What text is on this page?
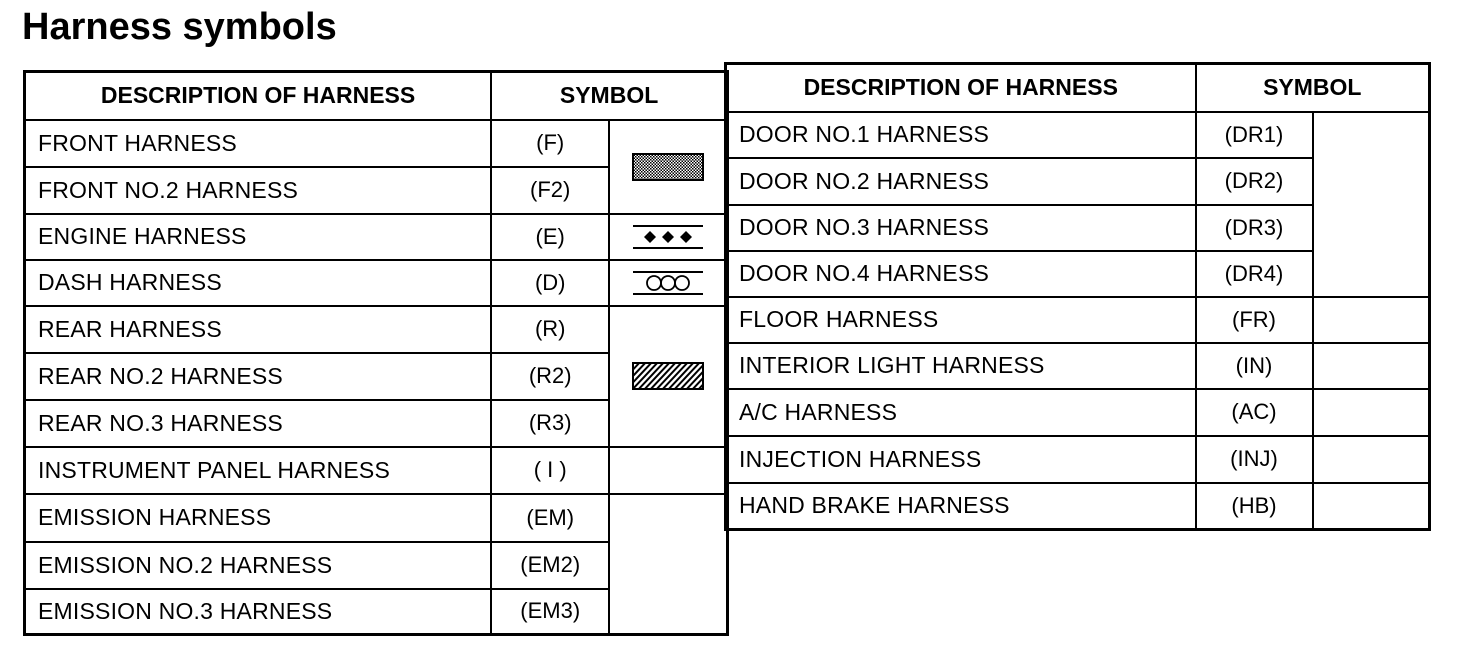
Harness symbols
DESCRIPTION OF HARNESS	SYMBOL	
FRONT HARNESS	(F)	

FRONT NO.2 HARNESS	(F2)	
ENGINE HARNESS	(E)	

DASH HARNESS	(D)	

REAR HARNESS	(R)	

REAR NO.2 HARNESS	(R2)	
REAR NO.3 HARNESS	(R3)	
INSTRUMENT PANEL HARNESS	( I )	
EMISSION HARNESS	(EM)	
EMISSION NO.2 HARNESS	(EM2)	
EMISSION NO.3 HARNESS	(EM3)	
DESCRIPTION OF HARNESS	SYMBOL	
DOOR NO.1 HARNESS	(DR1)	
DOOR NO.2 HARNESS	(DR2)	
DOOR NO.3 HARNESS	(DR3)	
DOOR NO.4 HARNESS	(DR4)	
FLOOR HARNESS	(FR)	
INTERIOR LIGHT HARNESS	(IN)	
A/C HARNESS	(AC)	
INJECTION HARNESS	(INJ)	
HAND BRAKE HARNESS	(HB)	
